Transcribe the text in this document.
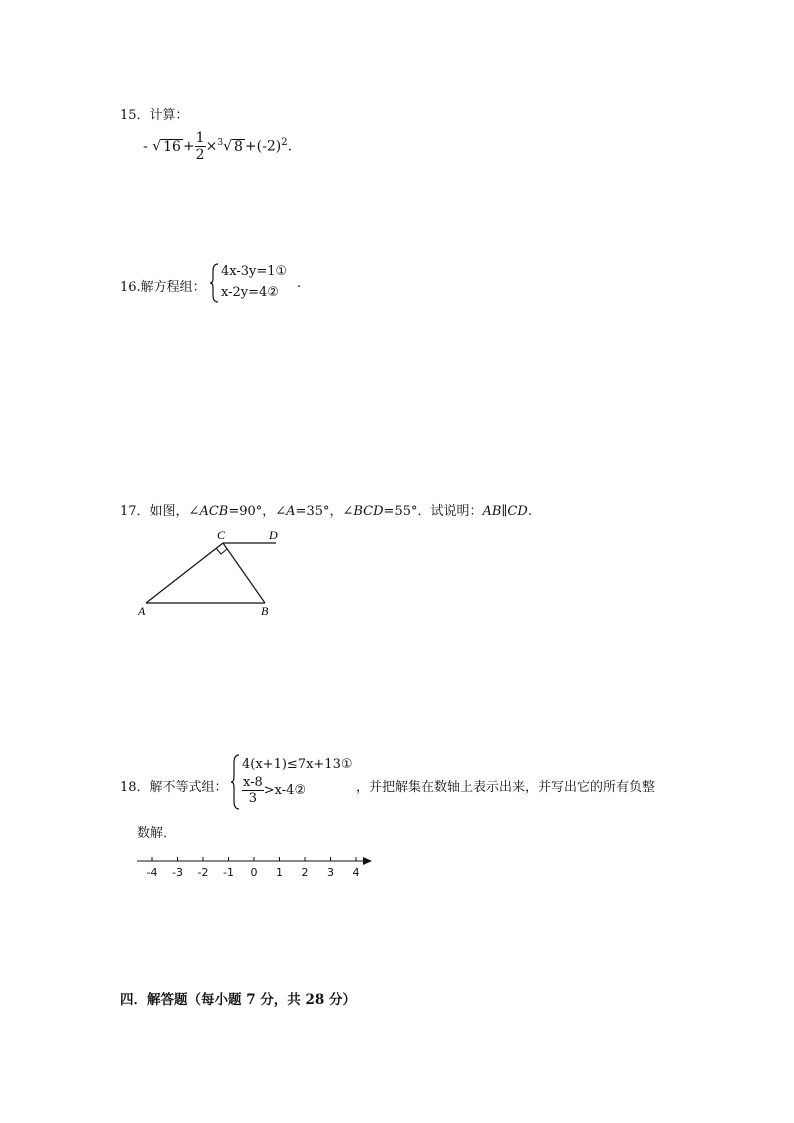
15．计算：
- √ $16 + \frac{1}{2} \times^3√$ $8 +(-2)^2$.
16.解方程组：
4x-3y=1①
x-2y=4②
.
17．如图，∠ACB=90°，∠A=35°，∠BCD=55°．试说明：AB∥CD.
C	D
A	B
18．解不等式组：
4(x+1)≤7x+13①
$\frac{x-8}{3}$ >x-4②	，并把解集在数轴上表示出来，并写出它的所有负整
数解．
-4 -3 -2 -1 0 1 2 3 4
四．解答题（每小题 7 分，共 28 分）
